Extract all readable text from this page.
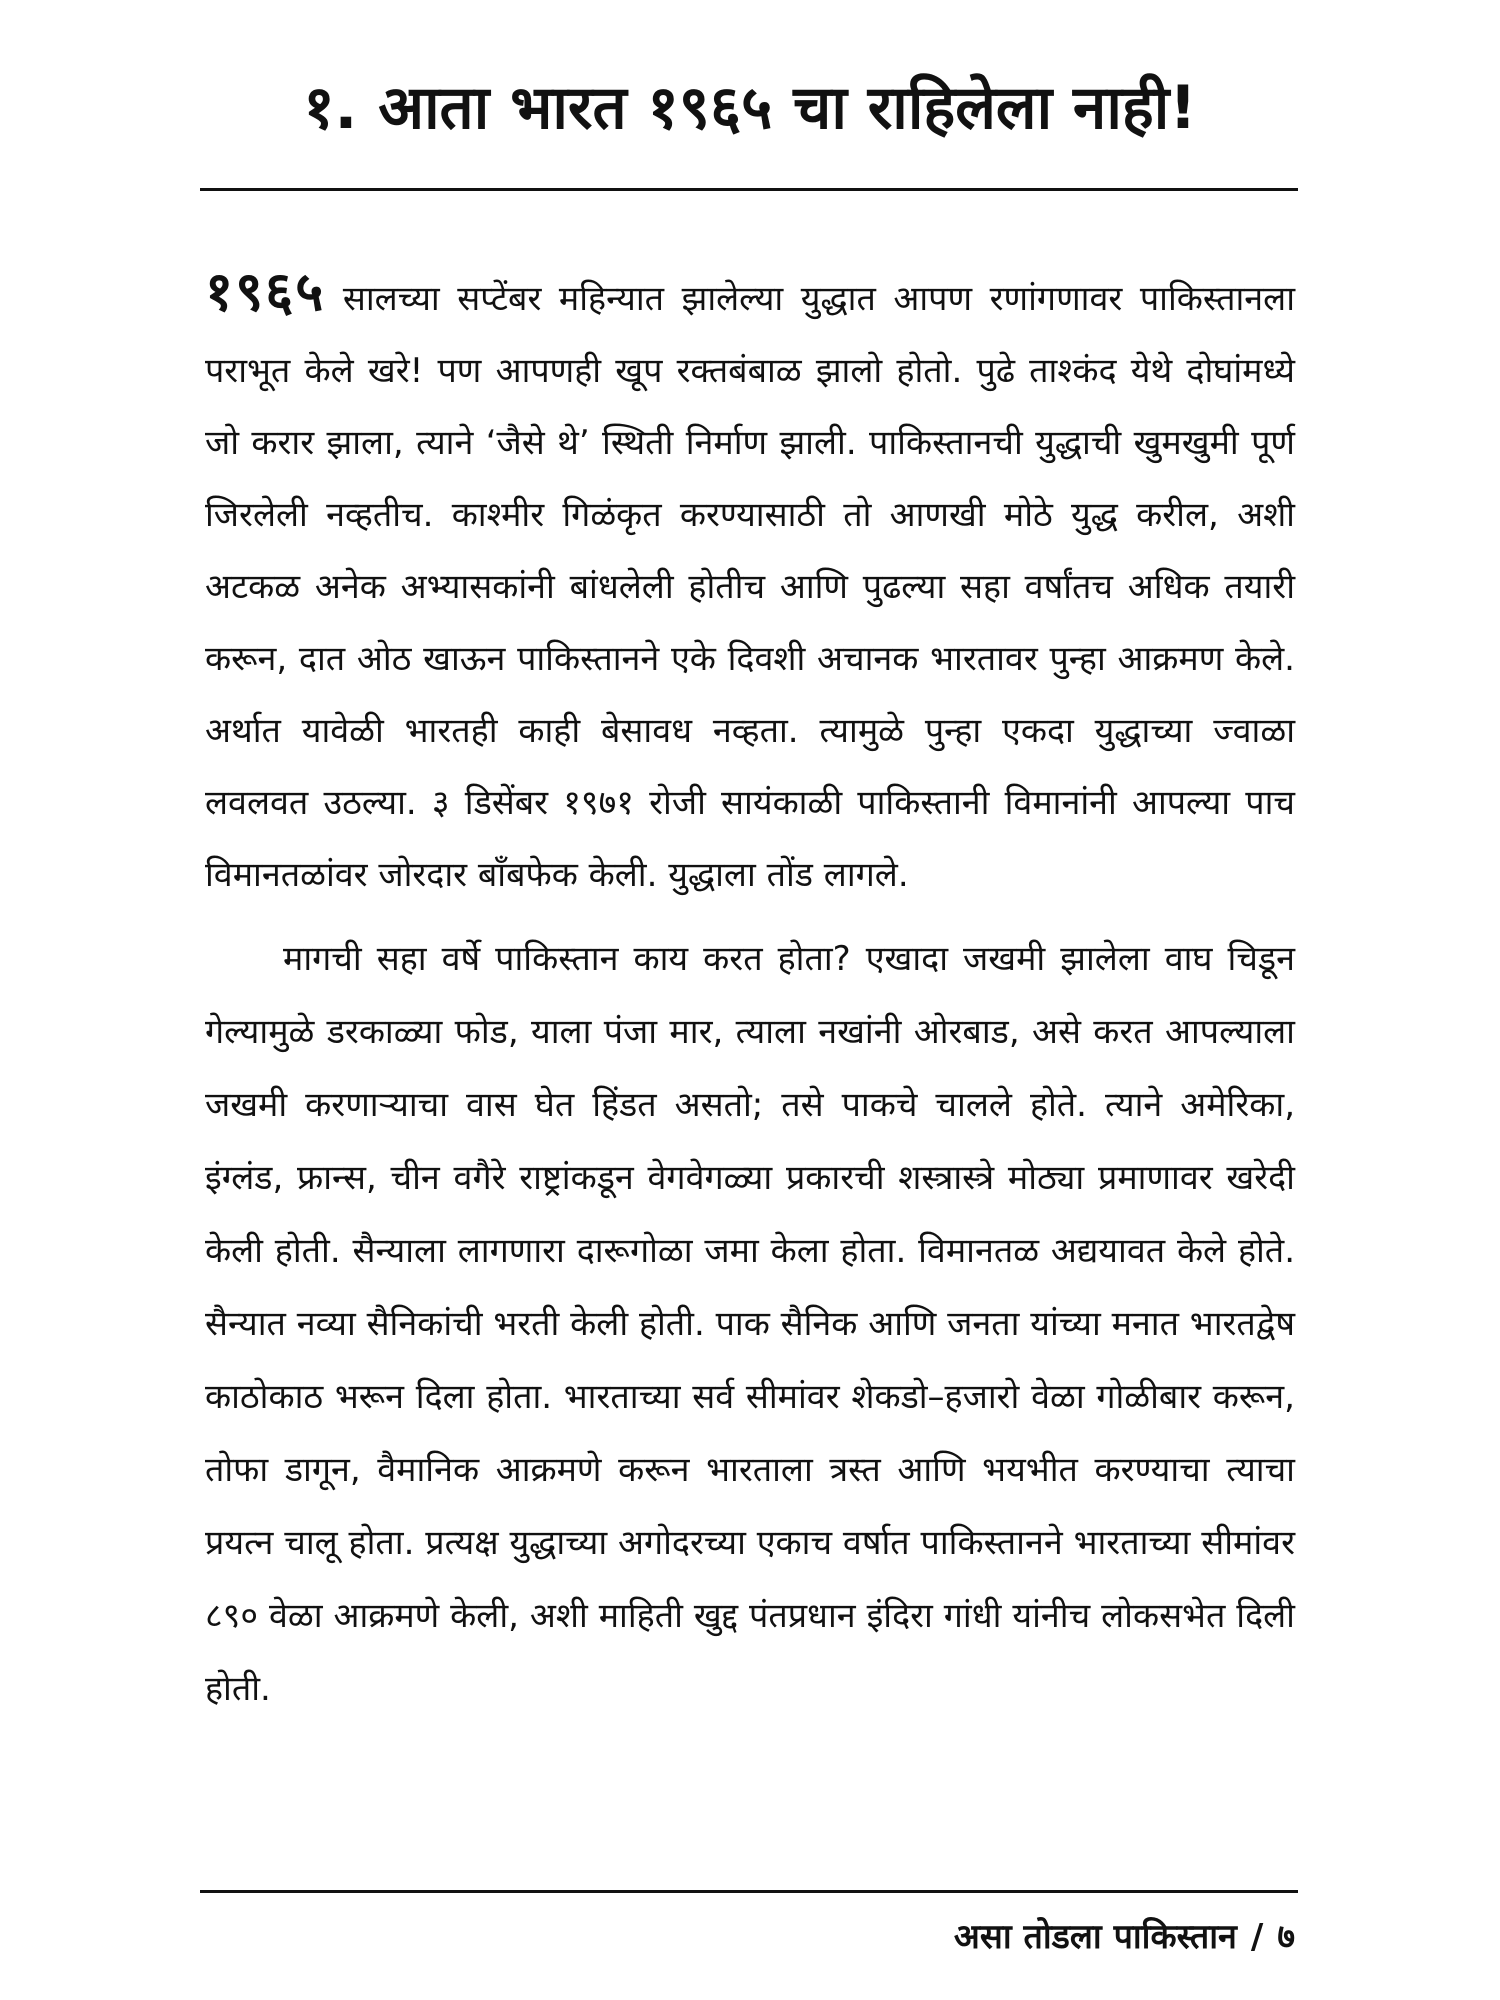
१. आता भारत १९६५ चा राहिलेला नाही!

१९६५ सालच्या सप्टेंबर महिन्यात झालेल्या युद्धात आपण रणांगणावर पाकिस्तानला पराभूत केले खरे! पण आपणही खूप रक्तबंबाळ झालो होतो. पुढे ताश्कंद येथे दोघांमध्ये जो करार झाला, त्याने ‘जैसे थे’ स्थिती निर्माण झाली. पाकिस्तानची युद्धाची खुमखुमी पूर्ण जिरलेली नव्हतीच. काश्मीर गिळंकृत करण्यासाठी तो आणखी मोठे युद्ध करील, अशी अटकळ अनेक अभ्यासकांनी बांधलेली होतीच आणि पुढल्या सहा वर्षांतच अधिक तयारी करून, दात ओठ खाऊन पाकिस्तानने एके दिवशी अचानक भारतावर पुन्हा आक्रमण केले. अर्थात यावेळी भारतही काही बेसावध नव्हता. त्यामुळे पुन्हा एकदा युद्धाच्या ज्वाळा लवलवत उठल्या. ३ डिसेंबर १९७१ रोजी सायंकाळी पाकिस्तानी विमानांनी आपल्या पाच विमानतळांवर जोरदार बाँबफेक केली. युद्धाला तोंड लागले.

मागची सहा वर्षे पाकिस्तान काय करत होता? एखादा जखमी झालेला वाघ चिडून गेल्यामुळे डरकाळ्या फोड, याला पंजा मार, त्याला नखांनी ओरबाड, असे करत आपल्याला जखमी करणाऱ्याचा वास घेत हिंडत असतो; तसे पाकचे चालले होते. त्याने अमेरिका, इंग्लंड, फ्रान्स, चीन वगैरे राष्ट्रांकडून वेगवेगळ्या प्रकारची शस्त्रास्त्रे मोठ्या प्रमाणावर खरेदी केली होती. सैन्याला लागणारा दारूगोळा जमा केला होता. विमानतळ अद्ययावत केले होते. सैन्यात नव्या सैनिकांची भरती केली होती. पाक सैनिक आणि जनता यांच्या मनात भारतद्वेष काठोकाठ भरून दिला होता. भारताच्या सर्व सीमांवर शेकडो–हजारो वेळा गोळीबार करून, तोफा डागून, वैमानिक आक्रमणे करून भारताला त्रस्त आणि भयभीत करण्याचा त्याचा प्रयत्न चालू होता. प्रत्यक्ष युद्धाच्या अगोदरच्या एकाच वर्षात पाकिस्तानने भारताच्या सीमांवर ८९० वेळा आक्रमणे केली, अशी माहिती खुद्द पंतप्रधान इंदिरा गांधी यांनीच लोकसभेत दिली होती.

असा तोडला पाकिस्तान / ७
